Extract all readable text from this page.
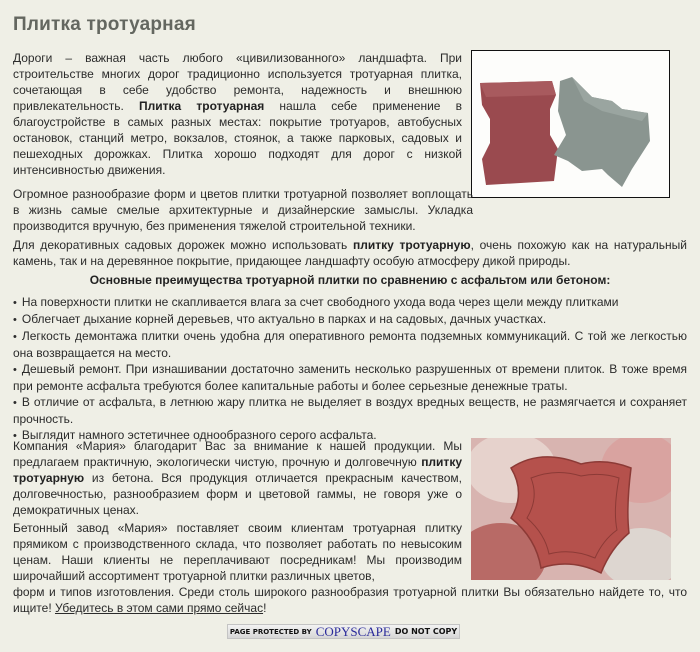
Плитка тротуарная

Дороги – важная часть любого «цивилизованного» ландшафта. При строительстве многих дорог традиционно используется тротуарная плитка, сочетающая в себе удобство ремонта, надежность и внешнюю привлекательность. Плитка тротуарная нашла себе применение в благоустройстве в самых разных местах: покрытие тротуаров, автобусных остановок, станций метро, вокзалов, стоянок, а также парковых, садовых и пешеходных дорожках. Плитка хорошо подходят для дорог с низкой интенсивностью движения.

Огромное разнообразие форм и цветов плитки тротуарной позволяет воплощать в жизнь самые смелые архитектурные и дизайнерские замыслы. Укладка производится вручную, без применения тяжелой строительной техники.

Для декоративных садовых дорожек можно использовать плитку тротуарную, очень похожую как на натуральный камень, так и на деревянное покрытие, придающее ландшафту особую атмосферу дикой природы.

Основные преимущества тротуарной плитки по сравнению с асфальтом или бетоном:
• На поверхности плитки не скапливается влага за счет свободного ухода вода через щели между плитками
• Облегчает дыхание корней деревьев, что актуально в парках и на садовых, дачных участках.
• Легкость демонтажа плитки очень удобна для оперативного ремонта подземных коммуникаций. С той же легкостью она возвращается на место.
• Дешевый ремонт. При изнашивании достаточно заменить несколько разрушенных от времени плиток. В тоже время при ремонте асфальта требуются более капитальные работы и более серьезные денежные траты.
• В отличие от асфальта, в летнюю жару плитка не выделяет в воздух вредных веществ, не размягчается и сохраняет прочность.
• Выглядит намного эстетичнее однообразного серого асфальта.

Компания «Мария» благодарит Вас за внимание к нашей продукции. Мы предлагаем практичную, экологически чистую, прочную и долговечную плитку тротуарную из бетона. Вся продукция отличается прекрасным качеством, долговечностью, разнообразием форм и цветовой гаммы, не говоря уже о демократичных ценах.

Бетонный завод «Мария» поставляет своим клиентам тротуарная плитку прямиком с производственного склада, что позволяет работать по невысоким ценам. Наши клиенты не переплачивают посредникам! Мы производим широчайший ассортимент тротуарной плитки различных цветов,
форм и типов изготовления. Среди столь широкого разнообразия тротуарной плитки Вы обязательно найдете то, что ищите! Убедитесь в этом сами прямо сейчас!

PAGE PROTECTED BY COPYSCAPE DO NOT COPY
